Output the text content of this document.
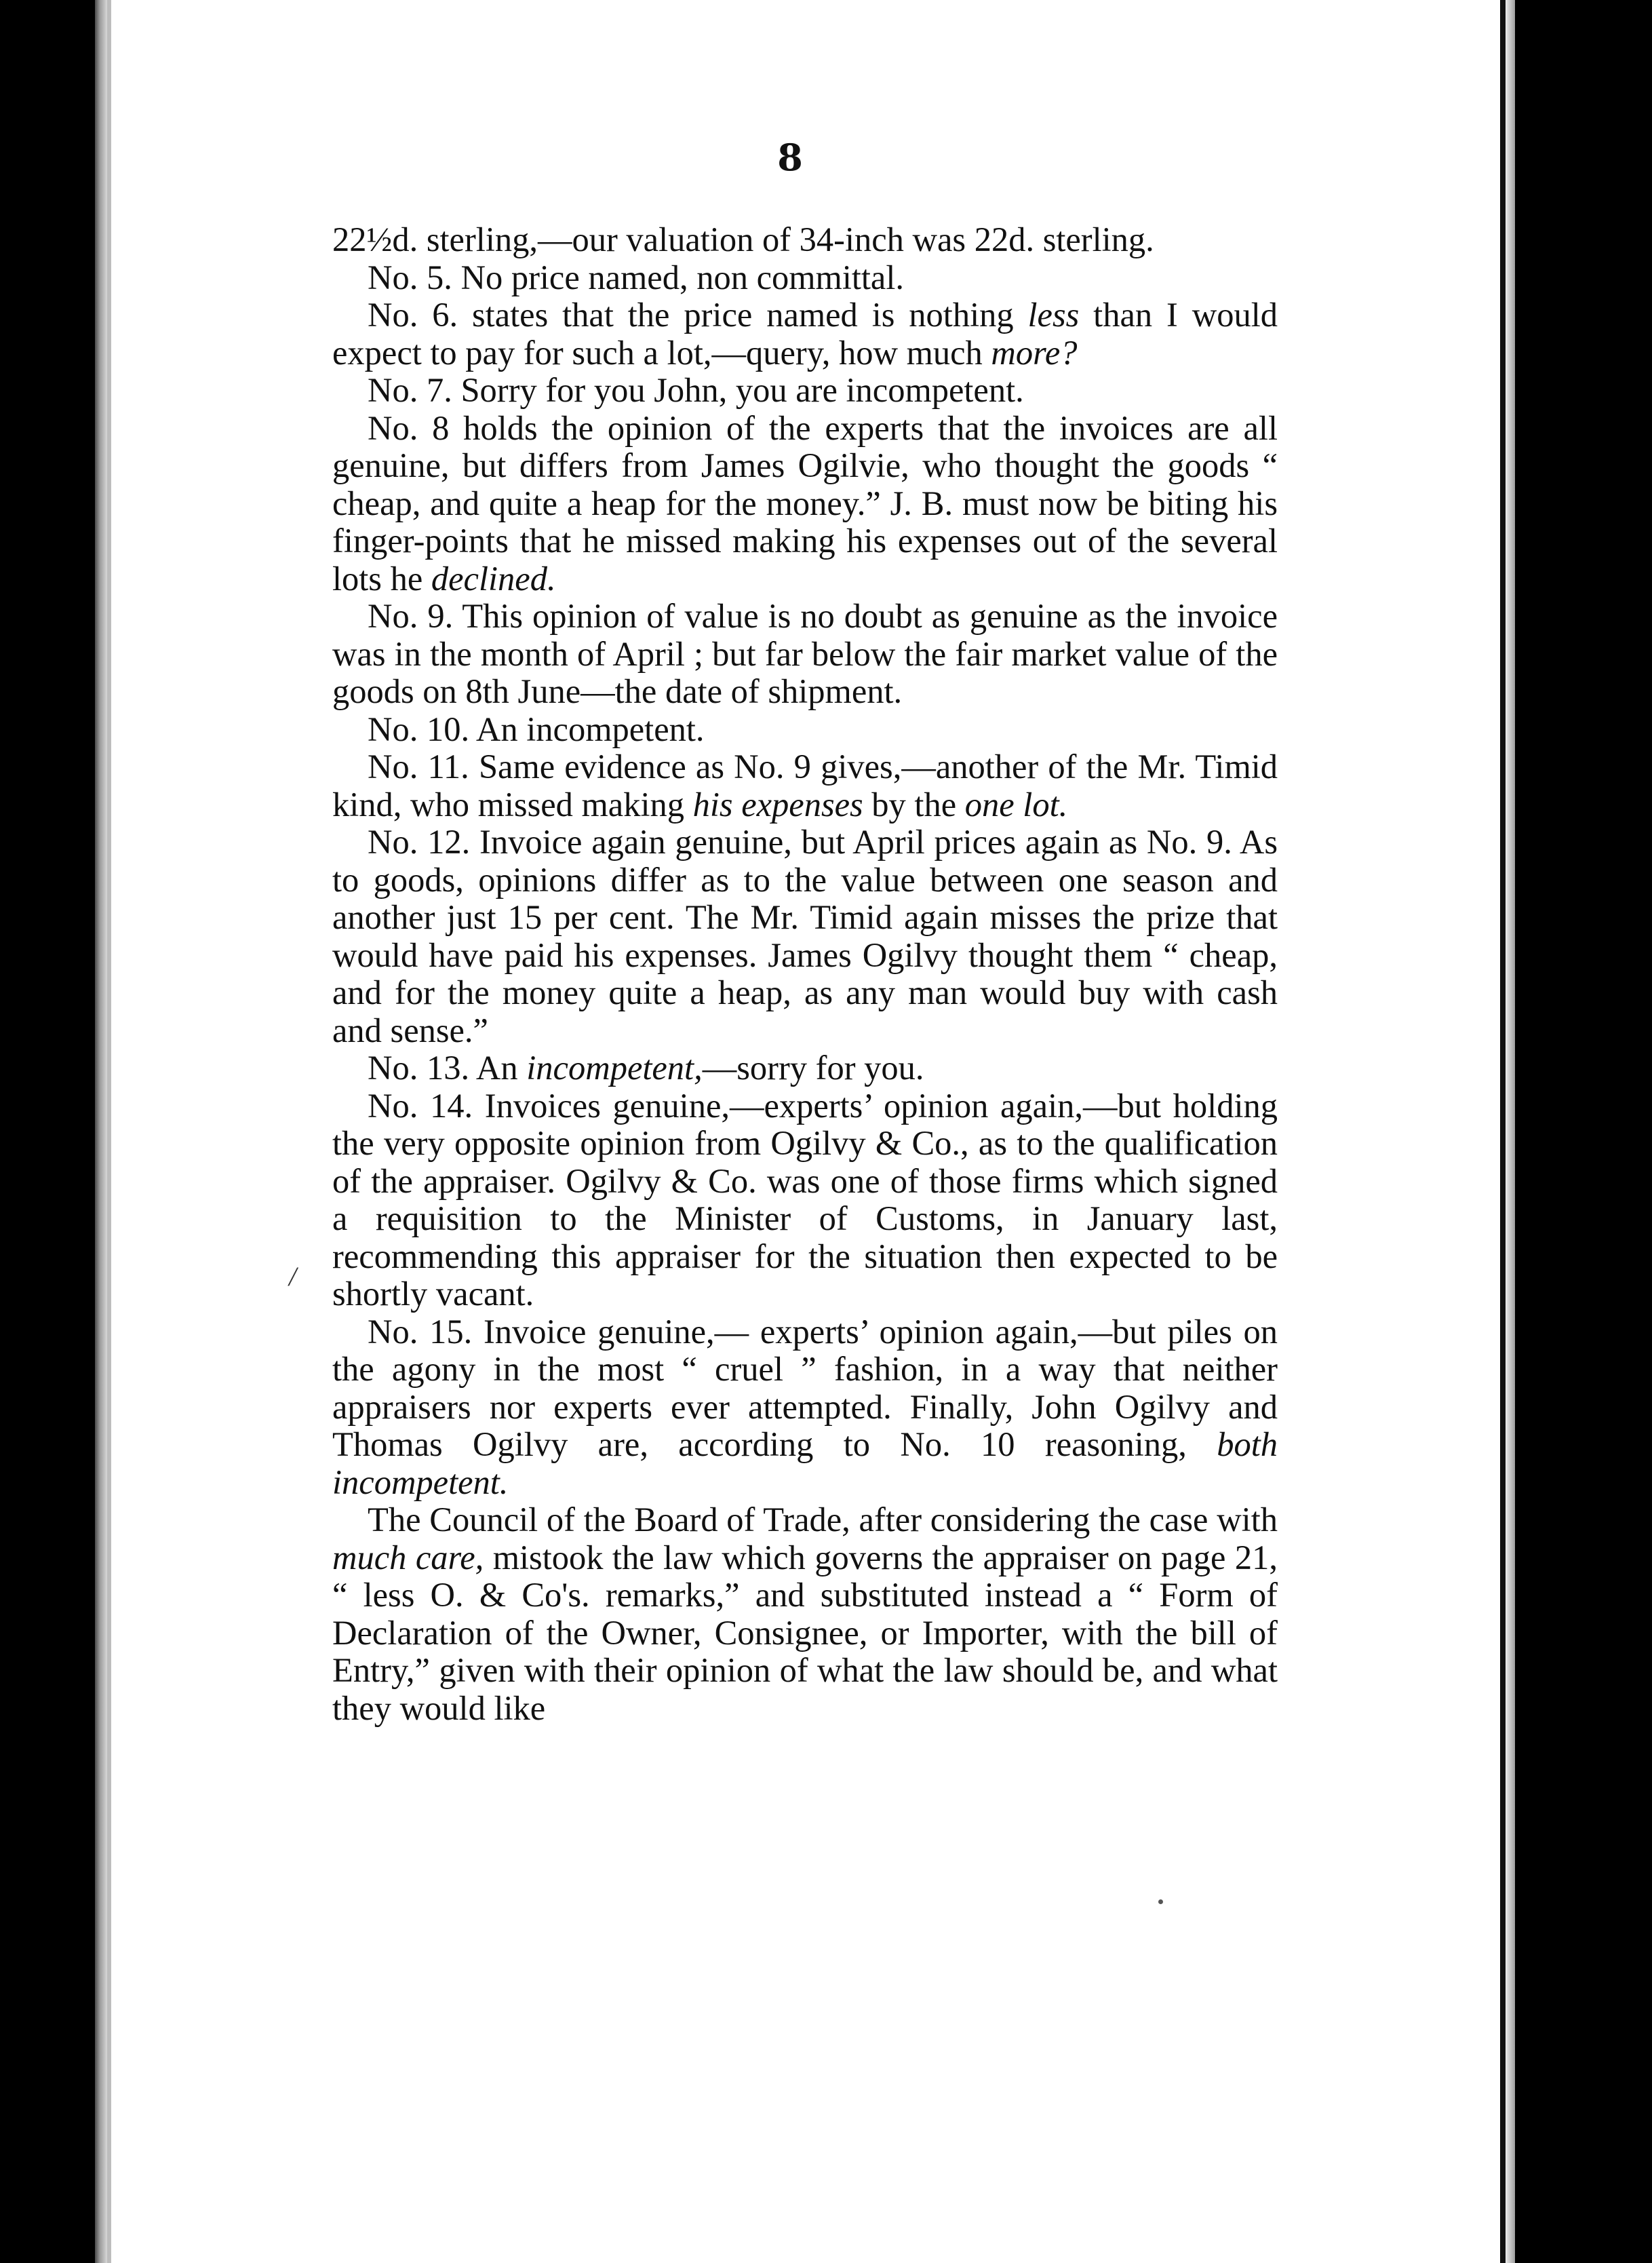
8

22½d. sterling,—our valuation of 34-inch was 22d. sterling.

No. 5. No price named, non committal.

No. 6. states that the price named is nothing less than I would expect to pay for such a lot,—query, how much more?

No. 7. Sorry for you John, you are incompetent.

No. 8 holds the opinion of the experts that the invoices are all genuine, but differs from James Ogilvie, who thought the goods “ cheap, and quite a heap for the money.” J. B. must now be biting his finger-points that he missed making his expenses out of the several lots he declined.

No. 9. This opinion of value is no doubt as genuine as the invoice was in the month of April ; but far below the fair market value of the goods on 8th June—the date of shipment.

No. 10. An incompetent.

No. 11. Same evidence as No. 9 gives,—another of the Mr. Timid kind, who missed making his expenses by the one lot.

No. 12. Invoice again genuine, but April prices again as No. 9. As to goods, opinions differ as to the value between one season and another just 15 per cent. The Mr. Timid again misses the prize that would have paid his expenses. James Ogilvy thought them “ cheap, and for the money quite a heap, as any man would buy with cash and sense.”

No. 13. An incompetent,—sorry for you.

No. 14. Invoices genuine,—experts’ opinion again,—but holding the very opposite opinion from Ogilvy & Co., as to the qualification of the appraiser. Ogilvy & Co. was one of those firms which signed a requisition to the Minister of Customs, in January last, recommending this appraiser for the situation then expected to be shortly vacant.

No. 15. Invoice genuine,— experts’ opinion again,—but piles on the agony in the most “ cruel ” fashion, in a way that neither appraisers nor experts ever attempted. Finally, John Ogilvy and Thomas Ogilvy are, according to No. 10 reasoning, both incompetent.

The Council of the Board of Trade, after considering the case with much care, mistook the law which governs the appraiser on page 21, “ less O. & Co's. remarks,” and substituted instead a “ Form of Declaration of the Owner, Consignee, or Importer, with the bill of Entry,” given with their opinion of what the law should be, and what they would like

/
